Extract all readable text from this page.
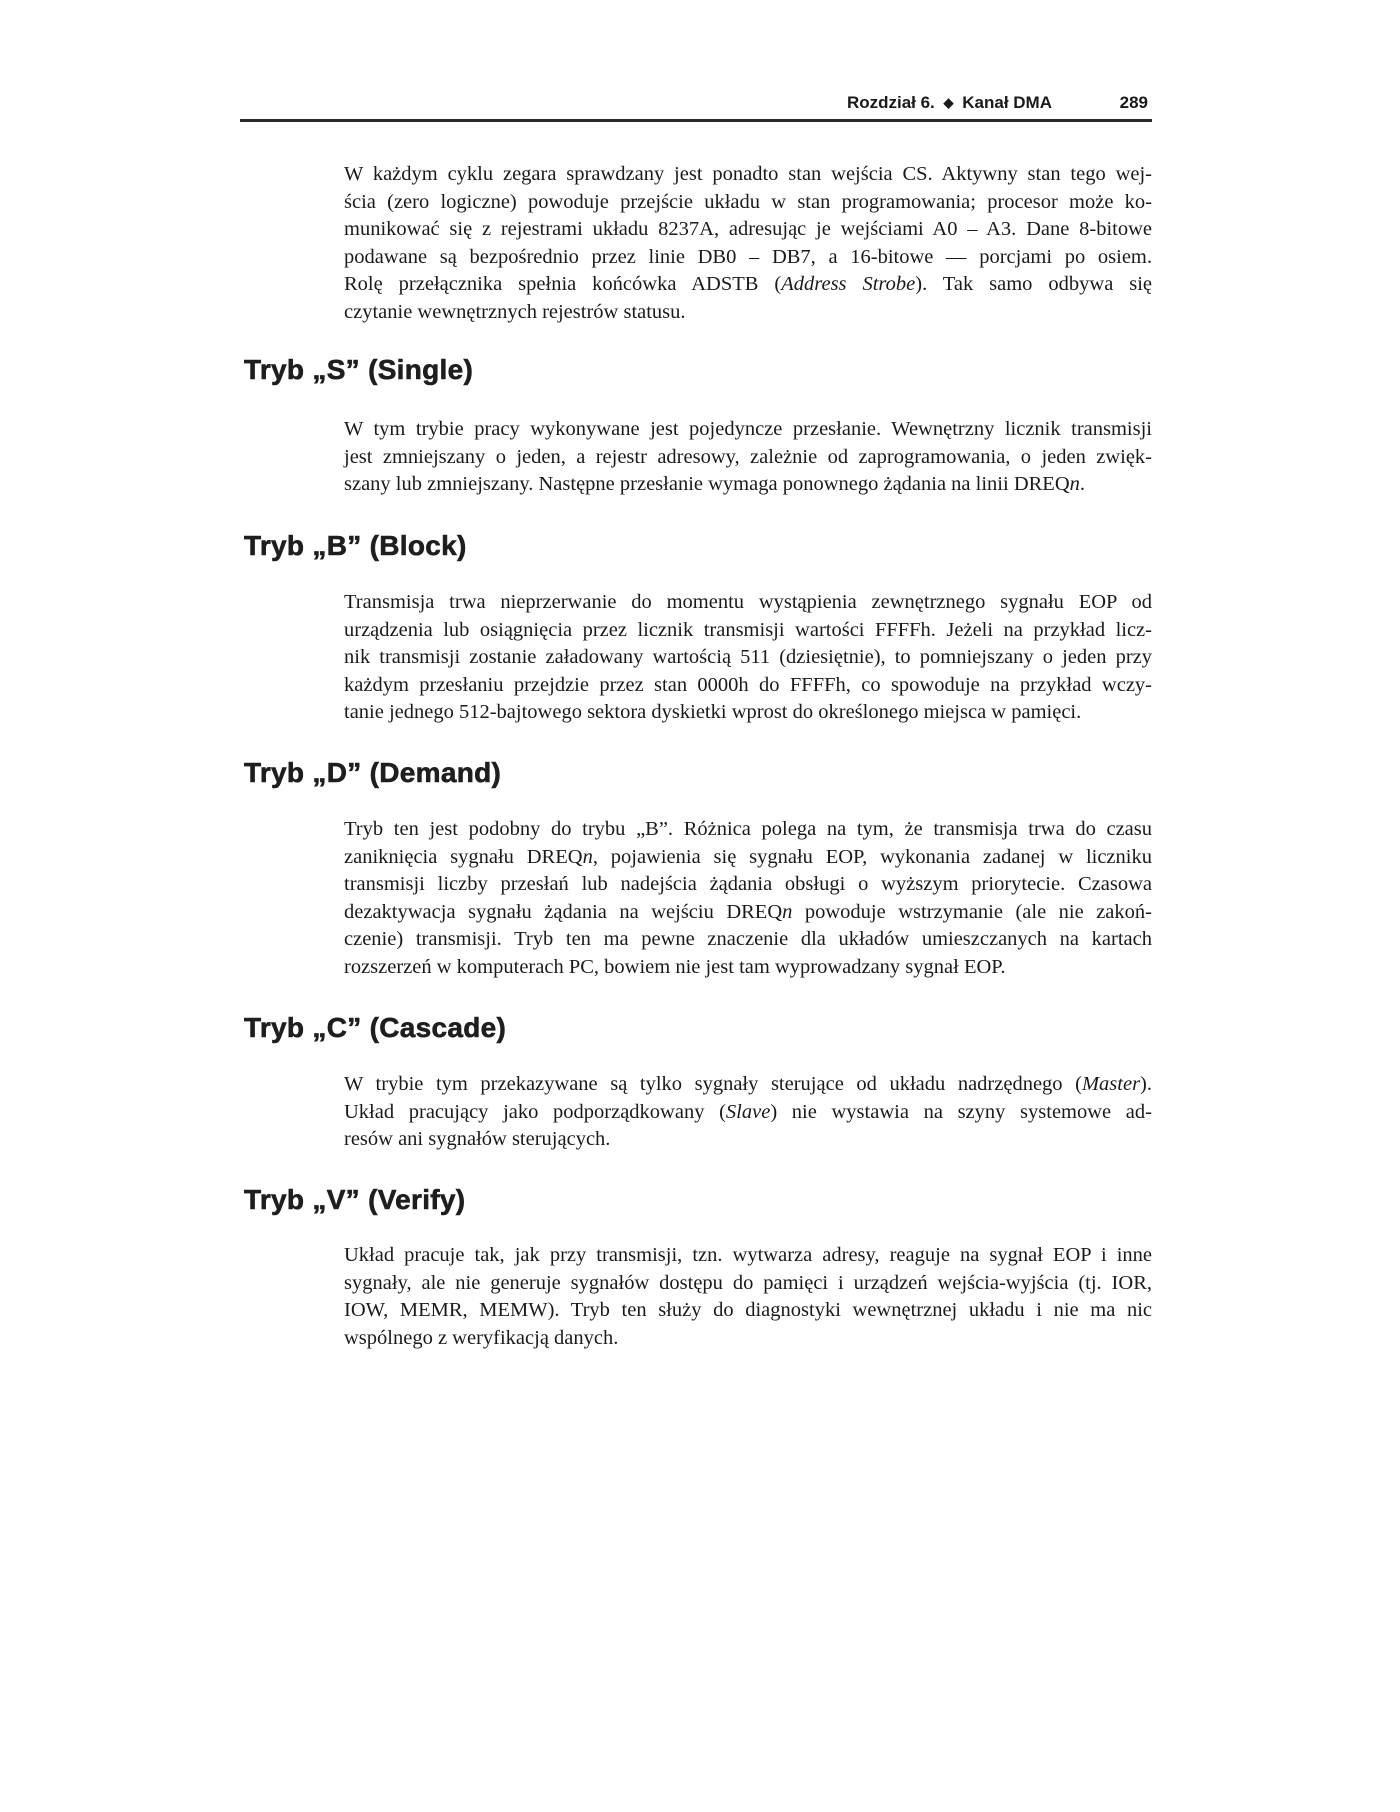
Rozdział 6. ◆ Kanał DMA	289

W każdym cyklu zegara sprawdzany jest ponadto stan wejścia CS. Aktywny stan tego wej-
ścia (zero logiczne) powoduje przejście układu w stan programowania; procesor może ko-
munikować się z rejestrami układu 8237A, adresując je wejściami A0 – A3. Dane 8-bitowe
podawane są bezpośrednio przez linie DB0 – DB7, a 16-bitowe — porcjami po osiem.
Rolę przełącznika spełnia końcówka ADSTB (Address Strobe). Tak samo odbywa się
czytanie wewnętrznych rejestrów statusu.

Tryb „S” (Single)

W tym trybie pracy wykonywane jest pojedyncze przesłanie. Wewnętrzny licznik transmisji
jest zmniejszany o jeden, a rejestr adresowy, zależnie od zaprogramowania, o jeden zwięk-
szany lub zmniejszany. Następne przesłanie wymaga ponownego żądania na linii DREQn.

Tryb „B” (Block)

Transmisja trwa nieprzerwanie do momentu wystąpienia zewnętrznego sygnału EOP od
urządzenia lub osiągnięcia przez licznik transmisji wartości FFFFh. Jeżeli na przykład licz-
nik transmisji zostanie załadowany wartością 511 (dziesiętnie), to pomniejszany o jeden przy
każdym przesłaniu przejdzie przez stan 0000h do FFFFh, co spowoduje na przykład wczy-
tanie jednego 512-bajtowego sektora dyskietki wprost do określonego miejsca w pamięci.

Tryb „D” (Demand)

Tryb ten jest podobny do trybu „B”. Różnica polega na tym, że transmisja trwa do czasu
zaniknięcia sygnału DREQn, pojawienia się sygnału EOP, wykonania zadanej w liczniku
transmisji liczby przesłań lub nadejścia żądania obsługi o wyższym priorytecie. Czasowa
dezaktywacja sygnału żądania na wejściu DREQn powoduje wstrzymanie (ale nie zakoń-
czenie) transmisji. Tryb ten ma pewne znaczenie dla układów umieszczanych na kartach
rozszerzeń w komputerach PC, bowiem nie jest tam wyprowadzany sygnał EOP.

Tryb „C” (Cascade)

W trybie tym przekazywane są tylko sygnały sterujące od układu nadrzędnego (Master).
Układ pracujący jako podporządkowany (Slave) nie wystawia na szyny systemowe ad-
resów ani sygnałów sterujących.

Tryb „V” (Verify)

Układ pracuje tak, jak przy transmisji, tzn. wytwarza adresy, reaguje na sygnał EOP i inne
sygnały, ale nie generuje sygnałów dostępu do pamięci i urządzeń wejścia-wyjścia (tj. IOR,
IOW, MEMR, MEMW). Tryb ten służy do diagnostyki wewnętrznej układu i nie ma nic
wspólnego z weryfikacją danych.
